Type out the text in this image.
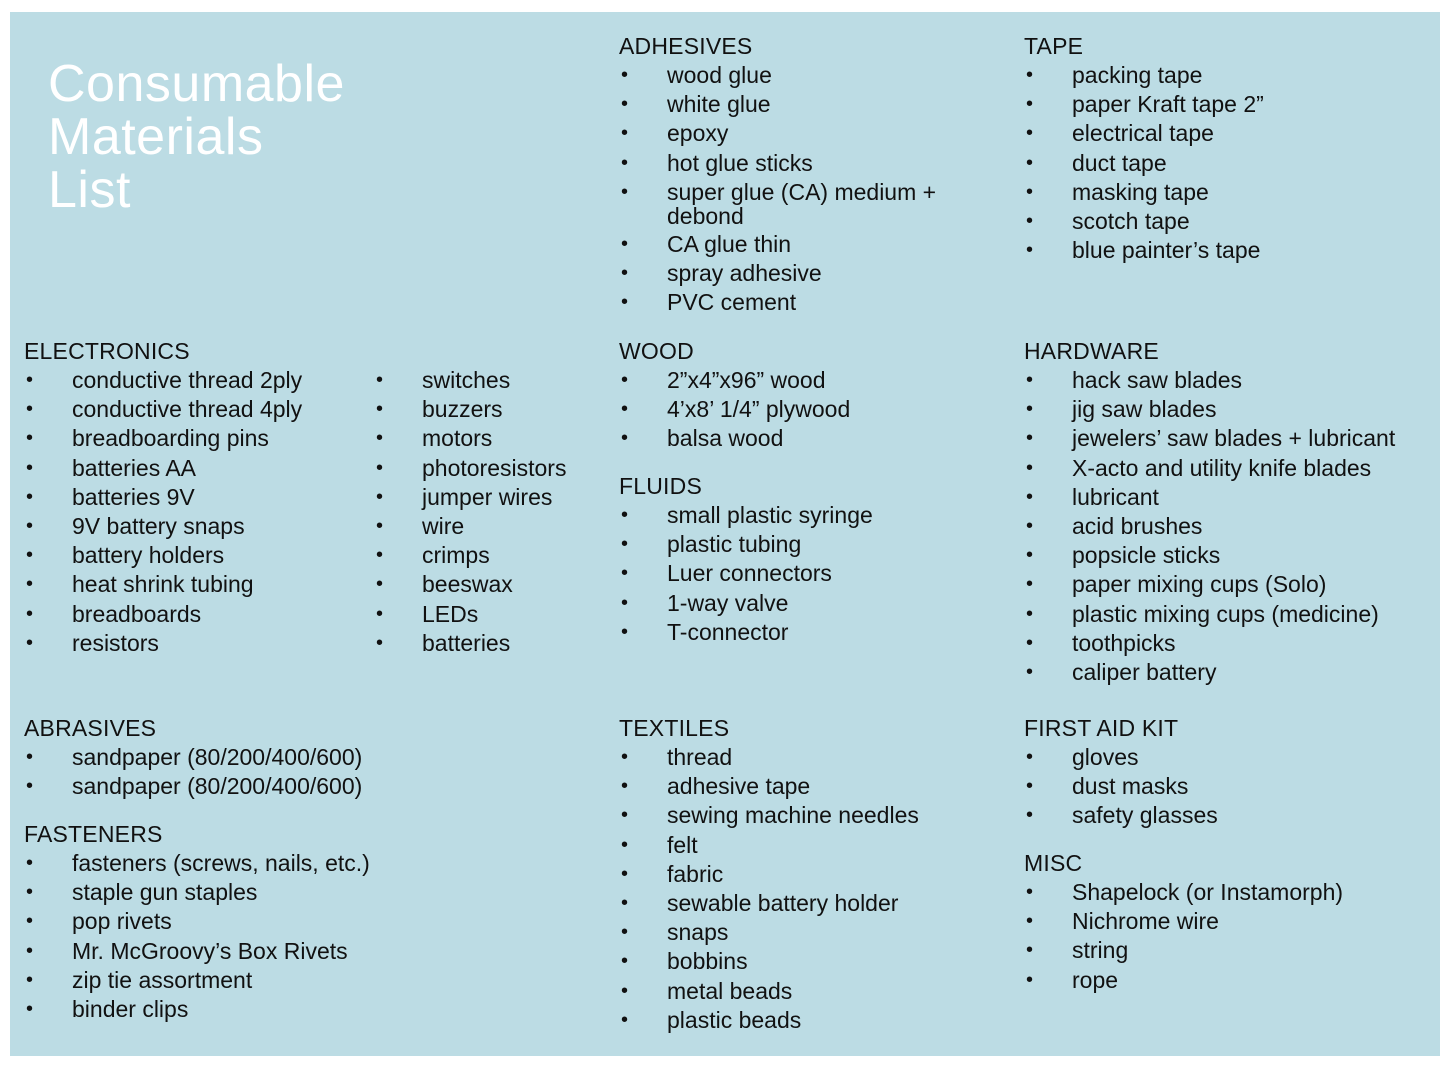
Consumable
Materials
List
ADHESIVES
• wood glue
• white glue
• epoxy
• hot glue sticks
• super glue (CA) medium +
debond
• CA glue thin
• spray adhesive
• PVC cement
TAPE
• packing tape
• paper Kraft tape 2”
• electrical tape
• duct tape
• masking tape
• scotch tape
• blue painter’s tape
ELECTRONICS
• conductive thread 2ply
• conductive thread 4ply
• breadboarding pins
• batteries AA
• batteries 9V
• 9V battery snaps
• battery holders
• heat shrink tubing
• breadboards
• resistors
• switches
• buzzers
• motors
• photoresistors
• jumper wires
• wire
• crimps
• beeswax
• LEDs
• batteries
WOOD
• 2”x4”x96” wood
• 4’x8’ 1/4” plywood
• balsa wood
FLUIDS
• small plastic syringe
• plastic tubing
• Luer connectors
• 1-way valve
• T-connector
HARDWARE
• hack saw blades
• jig saw blades
• jewelers’ saw blades + lubricant
• X-acto and utility knife blades
• lubricant
• acid brushes
• popsicle sticks
• paper mixing cups (Solo)
• plastic mixing cups (medicine)
• toothpicks
• caliper battery
ABRASIVES
• sandpaper (80/200/400/600)
• sandpaper (80/200/400/600)
FASTENERS
• fasteners (screws, nails, etc.)
• staple gun staples
• pop rivets
• Mr. McGroovy’s Box Rivets
• zip tie assortment
• binder clips
TEXTILES
• thread
• adhesive tape
• sewing machine needles
• felt
• fabric
• sewable battery holder
• snaps
• bobbins
• metal beads
• plastic beads
FIRST AID KIT
• gloves
• dust masks
• safety glasses
MISC
• Shapelock (or Instamorph)
• Nichrome wire
• string
• rope
